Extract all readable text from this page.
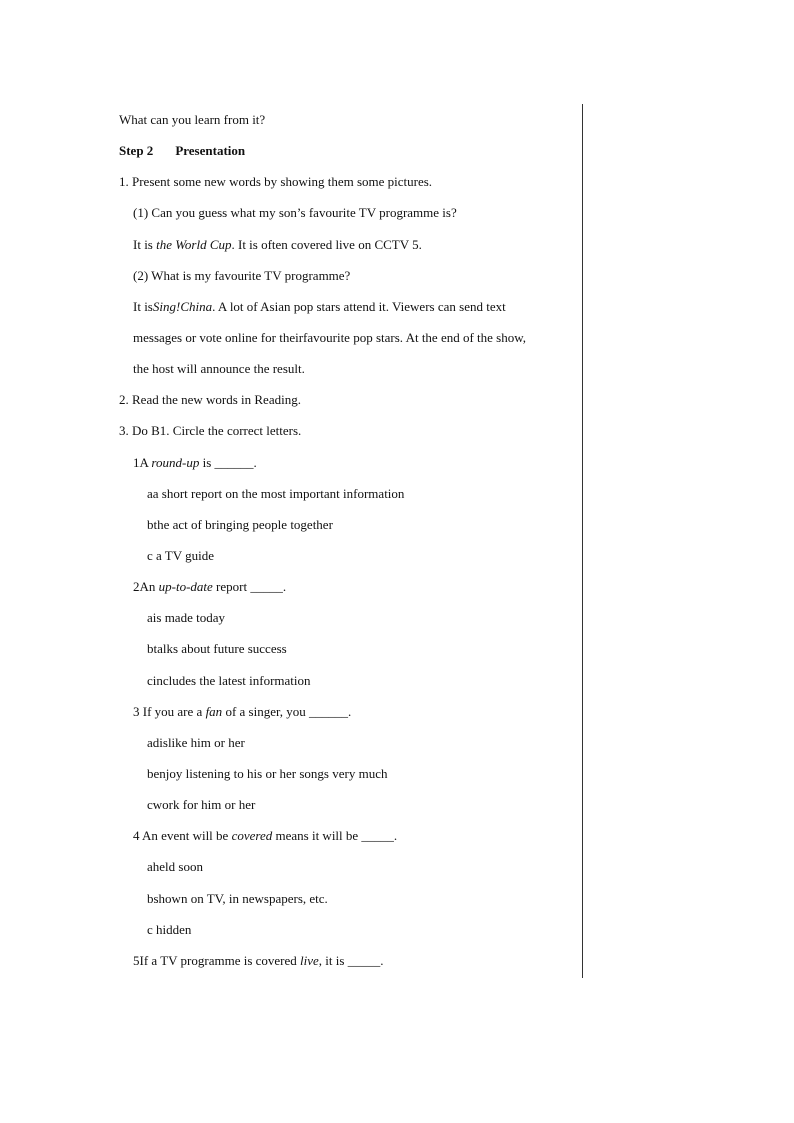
What can you learn from it?
Step 2 Presentation
1. Present some new words by showing them some pictures.
(1) Can you guess what my son’s favourite TV programme is?
It is the World Cup. It is often covered live on CCTV 5.
(2) What is my favourite TV programme?
It isSing!China. A lot of Asian pop stars attend it. Viewers can send text
messages or vote online for theirfavourite pop stars. At the end of the show,
the host will announce the result.
2. Read the new words in Reading.
3. Do B1. Circle the correct letters.
1A round-up is ______.
aa short report on the most important information
bthe act of bringing people together
c a TV guide
2An up-to-date report _____.
ais made today
btalks about future success
cincludes the latest information
3 If you are a fan of a singer, you ______.
adislike him or her
benjoy listening to his or her songs very much
cwork for him or her
4 An event will be covered means it will be _____.
aheld soon
bshown on TV, in newspapers, etc.
c hidden
5If a TV programme is covered live, it is _____.
